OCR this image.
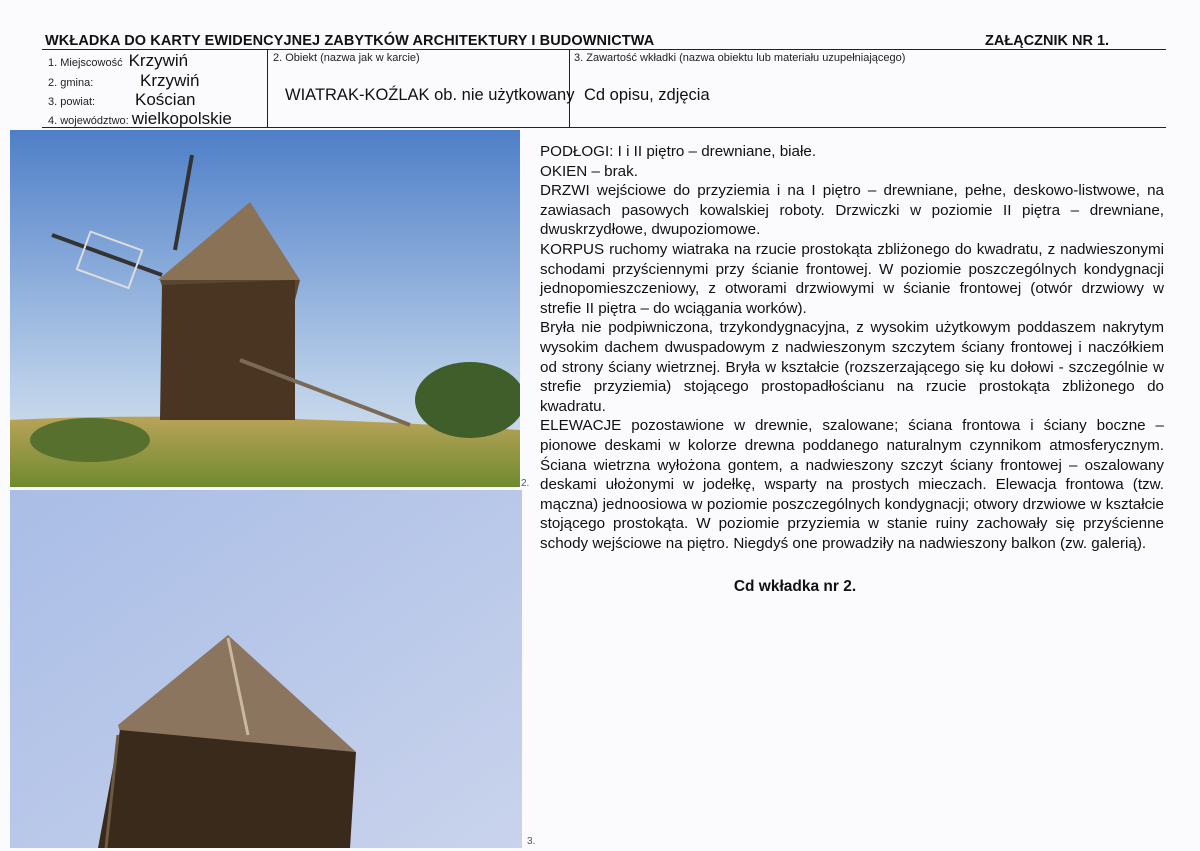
WKŁADKA DO KARTY EWIDENCYJNEJ ZABYTKÓW ARCHITEKTURY I BUDOWNICTWA	ZAŁĄCZNIK NR 1.
1. Miejscowość Krzywiń
2. gmina:	Krzywiń
3. powiat:	Kościan
4. województwo: wielkopolskie
2. Obiekt (nazwa jak w karcie)
WIATRAK-KOŹLAK ob. nie użytkowany
3. Zawartość wkładki (nazwa obiektu lub materiału uzupełniającego)
Cd opisu, zdjęcia
2.
3.

PODŁOGI: I i II piętro – drewniane, białe.

OKIEN – brak.

DRZWI wejściowe do przyziemia i na I piętro – drewniane, pełne, deskowo-listwowe, na zawiasach pasowych kowalskiej roboty. Drzwiczki w poziomie II piętra – drewniane, dwuskrzydłowe, dwupoziomowe.

KORPUS ruchomy wiatraka na rzucie prostokąta zbliżonego do kwadratu, z nadwieszonymi schodami przyściennymi przy ścianie frontowej. W poziomie poszczególnych kondygnacji jednopomieszczeniowy, z otworami drzwiowymi w ścianie frontowej (otwór drzwiowy w strefie II piętra – do wciągania worków).

Bryła nie podpiwniczona, trzykondygnacyjna, z wysokim użytkowym poddaszem nakrytym wysokim dachem dwuspadowym z nadwieszonym szczytem ściany frontowej i naczółkiem od strony ściany wietrznej. Bryła w kształcie (rozszerzającego się ku dołowi - szczególnie w strefie przyziemia) stojącego prostopadłościanu na rzucie prostokąta zbliżonego do kwadratu.

ELEWACJE pozostawione w drewnie, szalowane; ściana frontowa i ściany boczne – pionowe deskami w kolorze drewna poddanego naturalnym czynnikom atmosferycznym. Ściana wietrzna wyłożona gontem, a nadwieszony szczyt ściany frontowej – oszalowany deskami ułożonymi w jodełkę, wsparty na prostych mieczach. Elewacja frontowa (tzw. mączna) jednoosiowa w poziomie poszczególnych kondygnacji; otwory drzwiowe w kształcie stojącego prostokąta. W poziomie przyziemia w stanie ruiny zachowały się przyścienne schody wejściowe na piętro. Niegdyś one prowadziły na nadwieszony balkon (zw. galerią).

Cd wkładka nr 2.
